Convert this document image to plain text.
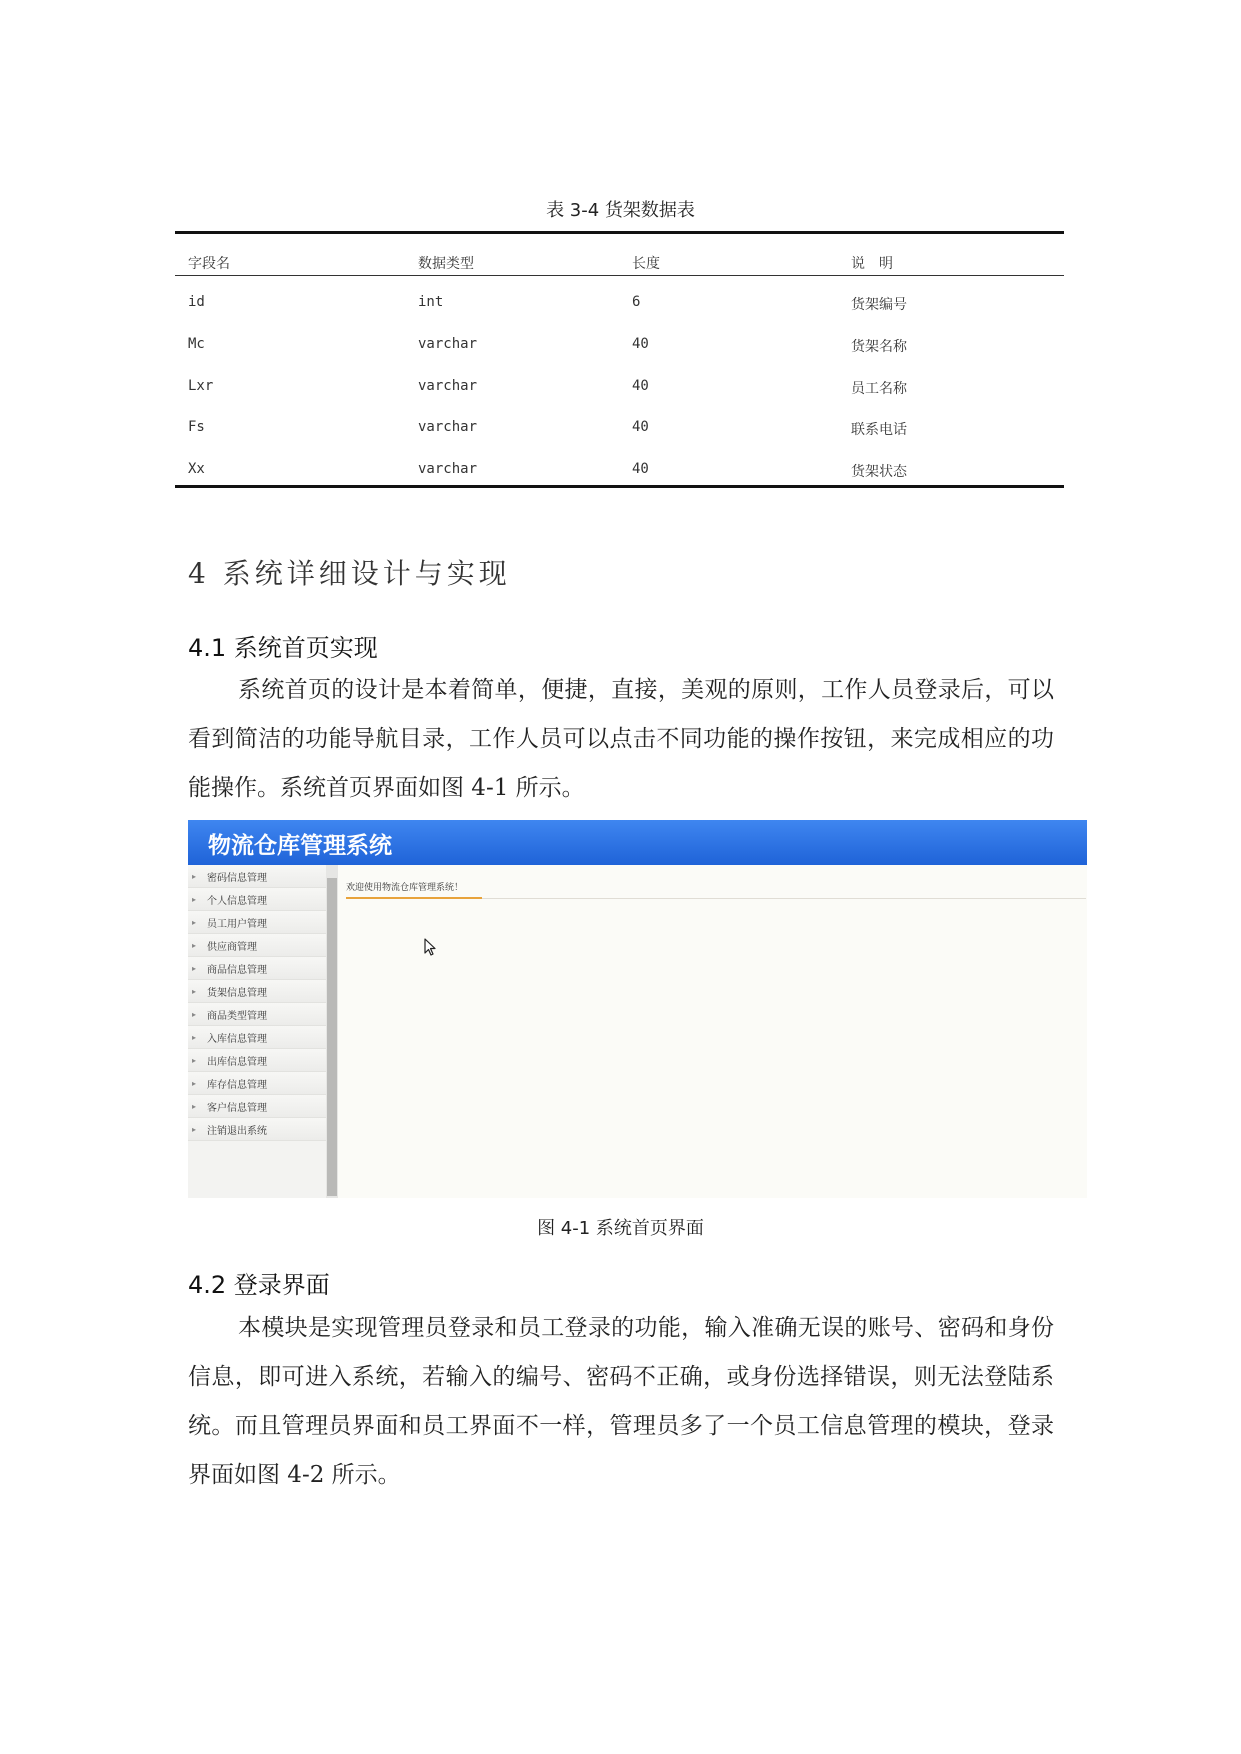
表 3-4 货架数据表
字段名	数据类型	长度	说　明
id	int	6	货架编号
Mc	varchar	40	货架名称
Lxr	varchar	40	员工名称
Fs	varchar	40	联系电话
Xx	varchar	40	货架状态
4 系统详细设计与实现
4.1 系统首页实现
系统首页的设计是本着简单，便捷，直接，美观的原则，工作人员登录后，可以看到简洁的功能导航目录，工作人员可以点击不同功能的操作按钮，来完成相应的功能操作。系统首页界面如图 4-1 所示。
物流仓库管理系统
▸ 密码信息管理
▸ 个人信息管理
▸ 员工用户管理
▸ 供应商管理
▸ 商品信息管理
▸ 货架信息管理
▸ 商品类型管理
▸ 入库信息管理
▸ 出库信息管理
▸ 库存信息管理
▸ 客户信息管理
▸ 注销退出系统
欢迎使用物流仓库管理系统！
图 4-1 系统首页界面
4.2 登录界面
本模块是实现管理员登录和员工登录的功能，输入准确无误的账号、密码和身份信息，即可进入系统，若输入的编号、密码不正确，或身份选择错误，则无法登陆系统。而且管理员界面和员工界面不一样，管理员多了一个员工信息管理的模块，登录界面如图 4-2 所示。
